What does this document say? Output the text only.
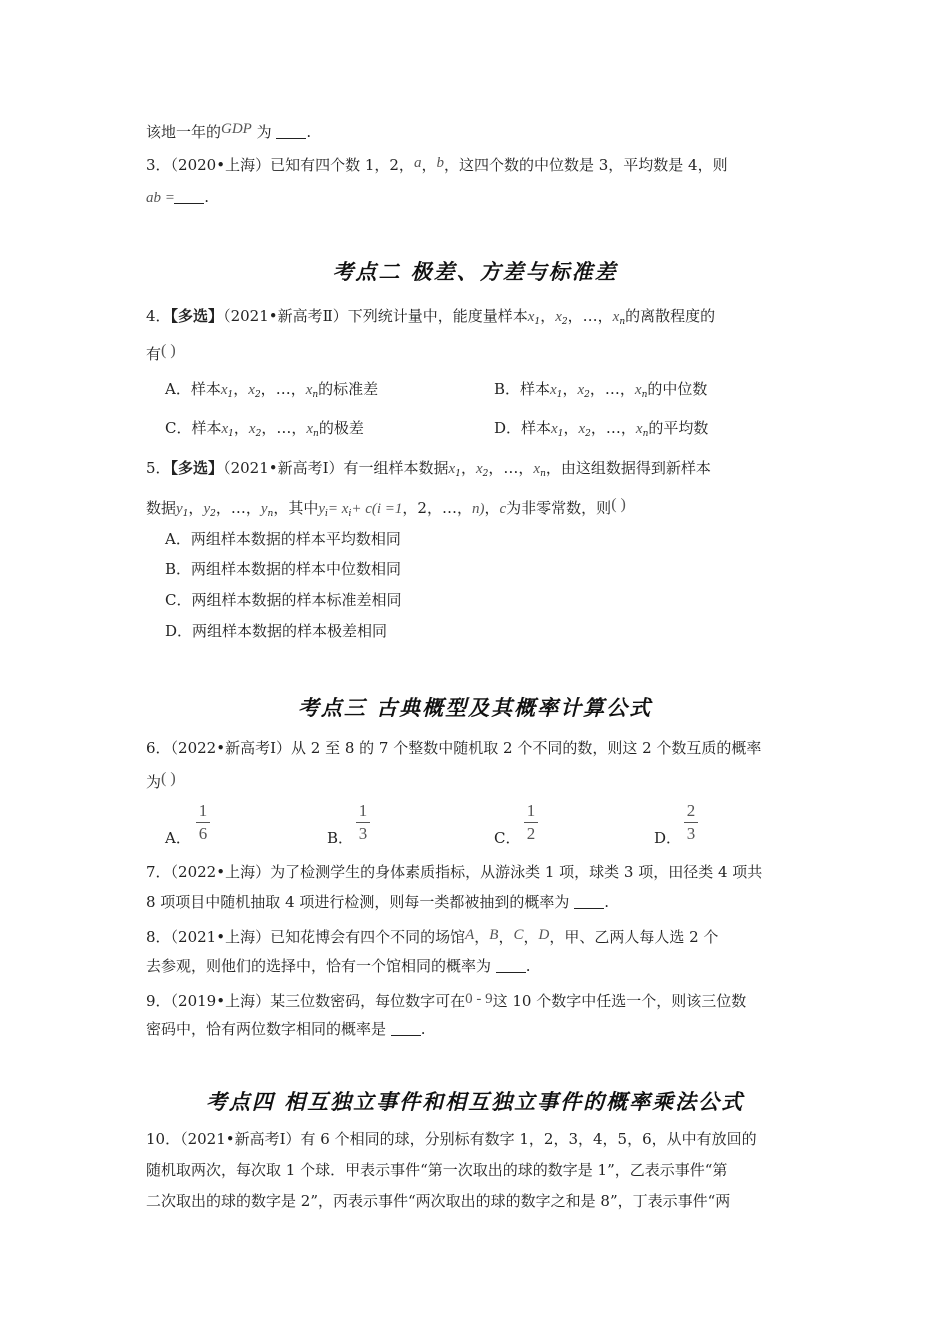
该地一年的GDP 为 .
3．（2020•上海）已知有四个数 1，2，a，b，这四个数的中位数是 3，平均数是 4，则
ab = .
考点二 极差、方差与标准差
4．【多选】（2021•新高考Ⅱ）下列统计量中，能度量样本$x_1$，$x_2$，…，$x_n$的离散程度的
有( )
A．样本$x_1$，$x_2$，…，$x_n$的标准差	B．样本$x_1$，$x_2$，…，$x_n$的中位数
C．样本$x_1$，$x_2$，…，$x_n$的极差	D．样本$x_1$，$x_2$，…，$x_n$的平均数
5．【多选】（2021•新高考Ⅰ）有一组样本数据$x_1$，$x_2$，…，$x_n$，由这组数据得到新样本
数据$y_1$，$y_2$，…，$y_n$，其中$y_i= x_i+ c(i =1$，2，…，n)，c为非零常数，则( )
A．两组样本数据的样本平均数相同
B．两组样本数据的样本中位数相同
C．两组样本数据的样本标准差相同
D．两组样本数据的样本极差相同
考点三 古典概型及其概率计算公式
6．（2022•新高考Ⅰ）从 2 至 8 的 7 个整数中随机取 2 个不同的数，则这 2 个数互质的概率
为( )
A．
1
6	B．
1
3	C．
1
2	D．
2
3
7．（2022•上海）为了检测学生的身体素质指标，从游泳类 1 项，球类 3 项，田径类 4 项共
8 项项目中随机抽取 4 项进行检测，则每一类都被抽到的概率为 .
8．（2021•上海）已知花博会有四个不同的场馆A，B，C，D，甲、乙两人每人选 2 个
去参观，则他们的选择中，恰有一个馆相同的概率为 .
9．（2019•上海）某三位数密码，每位数字可在0 - 9这 10 个数字中任选一个，则该三位数
密码中，恰有两位数字相同的概率是 .
考点四 相互独立事件和相互独立事件的概率乘法公式
10．（2021•新高考Ⅰ）有 6 个相同的球，分别标有数字 1，2，3，4，5，6，从中有放回的
随机取两次，每次取 1 个球．甲表示事件“第一次取出的球的数字是 1”，乙表示事件“第
二次取出的球的数字是 2”，丙表示事件“两次取出的球的数字之和是 8”，丁表示事件“两
